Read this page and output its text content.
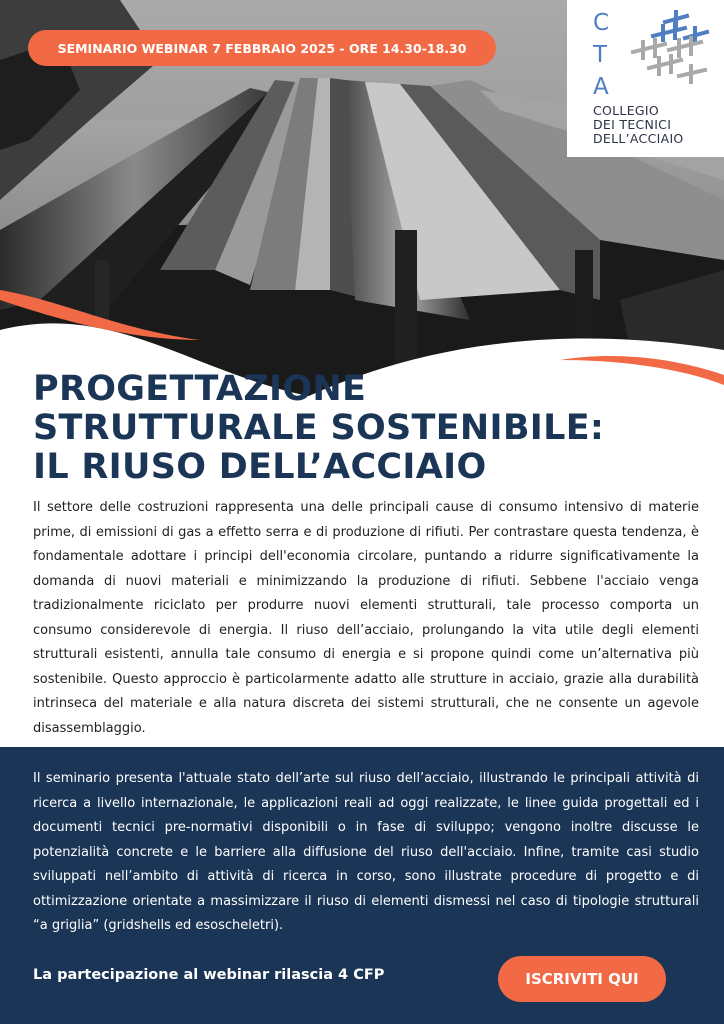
SEMINARIO WEBINAR 7 FEBBRAIO 2025 - ORE 14.30-18.30
C
T
A
COLLEGIO
DEI TECNICI
DELL’ACCIAIO
PROGETTAZIONE
STRUTTURALE SOSTENIBILE:
IL RIUSO DELL’ACCIAIO

Il settore delle costruzioni rappresenta una delle principali cause di consumo intensivo di materie prime, di emissioni di gas a effetto serra e di produzione di rifiuti. Per contrastare questa tendenza, è fondamentale adottare i principi dell'economia circolare, puntando a ridurre significativamente la domanda di nuovi materiali e minimizzando la produzione di rifiuti. Sebbene l'acciaio venga tradizionalmente riciclato per produrre nuovi elementi strutturali, tale processo comporta un consumo considerevole di energia. Il riuso dell’acciaio, prolungando la vita utile degli elementi strutturali esistenti, annulla tale consumo di energia e si propone quindi come un’alternativa più sostenibile. Questo approccio è particolarmente adatto alle strutture in acciaio, grazie alla durabilità intrinseca del materiale e alla natura discreta dei sistemi strutturali, che ne consente un agevole disassemblaggio.

Il seminario presenta l'attuale stato dell’arte sul riuso dell’acciaio, illustrando le principali attività di ricerca a livello internazionale, le applicazioni reali ad oggi realizzate, le linee guida progettali ed i documenti tecnici pre-normativi disponibili o in fase di sviluppo; vengono inoltre discusse le potenzialità concrete e le barriere alla diffusione del riuso dell'acciaio. Infine, tramite casi studio sviluppati nell’ambito di attività di ricerca in corso, sono illustrate procedure di progetto e di ottimizzazione orientate a massimizzare il riuso di elementi dismessi nel caso di tipologie strutturali “a griglia” (gridshells ed esoscheletri).

La partecipazione al webinar rilascia 4 CFP	ISCRIVITI QUI
